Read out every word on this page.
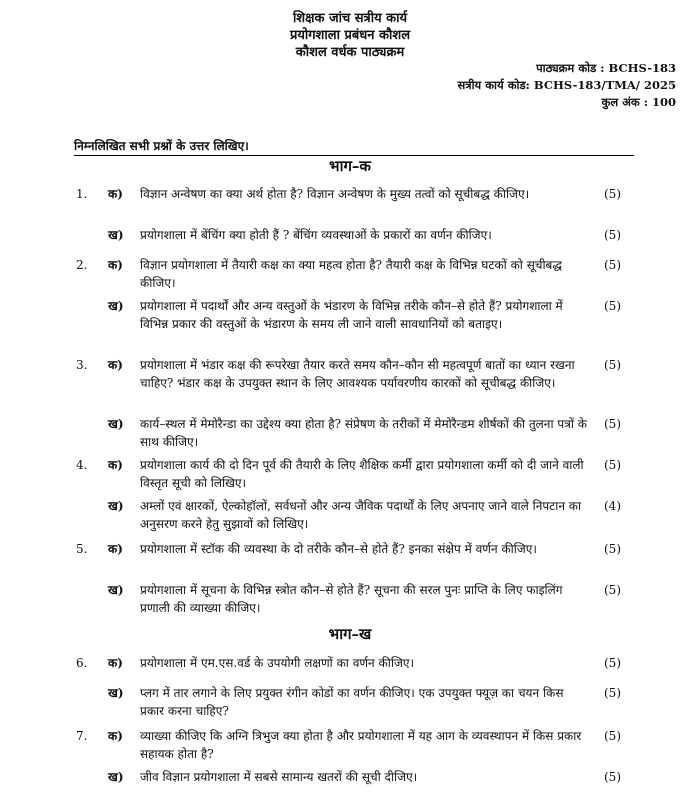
शिक्षक जांच सत्रीय कार्य
प्रयोगशाला प्रबंधन कौशल
कौशल वर्धक पाठ्यक्रम
पाठ्यक्रम कोड : BCHS-183
सत्रीय कार्य कोड: BCHS-183/TMA/ 2025
कुल अंक : 100
निम्नलिखित सभी प्रश्नों के उत्तर लिखिए।
भाग–क
1. क) विज्ञान अन्वेषण का क्या अर्थ होता है? विज्ञान अन्वेषण के मुख्य तत्वों को सूचीबद्ध कीजिए।	(5)
ख) प्रयोगशाला में बेंचिंग क्या होती हैं ? बेंचिंग व्यवस्थाओं के प्रकारों का वर्णन कीजिए।	(5)
2. क) विज्ञान प्रयोगशाला में तैयारी कक्ष का क्या महत्व होता है? तैयारी कक्ष के विभिन्न घटकों को सूचीबद्ध कीजिए।
(5)
ख) प्रयोगशाला में पदार्थों और अन्य वस्तुओं के भंडारण के विभिन्न तरीके कौन–से होते हैं? प्रयोगशाला में विभिन्न प्रकार की वस्तुओं के भंडारण के समय ली जाने वाली सावधानियों को बताइए।
(5)
3. क) प्रयोगशाला में भंडार कक्ष की रूपरेखा तैयार करते समय कौन–कौन सी महत्वपूर्ण बातों का ध्यान रखना चाहिए? भंडार कक्ष के उपयुक्त स्थान के लिए आवश्यक पर्यावरणीय कारकों को सूचीबद्ध कीजिए।
(5)
ख) कार्य–स्थल में मेमोरैन्डा का उद्देश्य क्या होता है? संप्रेषण के तरीकों में मेमोरैन्डम शीर्षकों की तुलना पत्रों के साथ कीजिए।
(5)
4. क) प्रयोगशाला कार्य की दो दिन पूर्व की तैयारी के लिए शैक्षिक कर्मी द्वारा प्रयोगशाला कर्मी को दी जाने वाली विस्तृत सूची को लिखिए।
(5)
ख) अम्लों एवं क्षारकों, ऐल्कोहॉलों, सर्वधनों और अन्य जैविक पदार्थों के लिए अपनाए जाने वाले निपटान का अनुसरण करने हेतु सुझावों को लिखिए।
(4)
5. क) प्रयोगशाला में स्टॉक की व्यवस्था के दो तरीके कौन–से होते हैं? इनका संक्षेप में वर्णन कीजिए।	(5)
ख) प्रयोगशाला में सूचना के विभिन्न स्त्रोत कौन–से होते हैं? सूचना की सरल पुनः प्राप्ति के लिए फाइलिंग प्रणाली की व्याख्या कीजिए।
(5)
भाग–ख
6. क) प्रयोगशाला में एम.एस.वर्ड के उपयोगी लक्षणों का वर्णन कीजिए।	(5)
ख) प्लग में तार लगाने के लिए प्रयुक्त रंगीन कोडों का वर्णन कीजिए। एक उपयुक्त फ्यूज़ का चयन किस प्रकार करना चाहिए?
(5)
7. क) व्याख्या कीजिए कि अग्नि त्रिभुज क्या होता है और प्रयोगशाला में यह आग के व्यवस्थापन में किस प्रकार सहायक होता है?
(5)
ख) जीव विज्ञान प्रयोगशाला में सबसे सामान्य खतरों की सूची दीजिए।	(5)
